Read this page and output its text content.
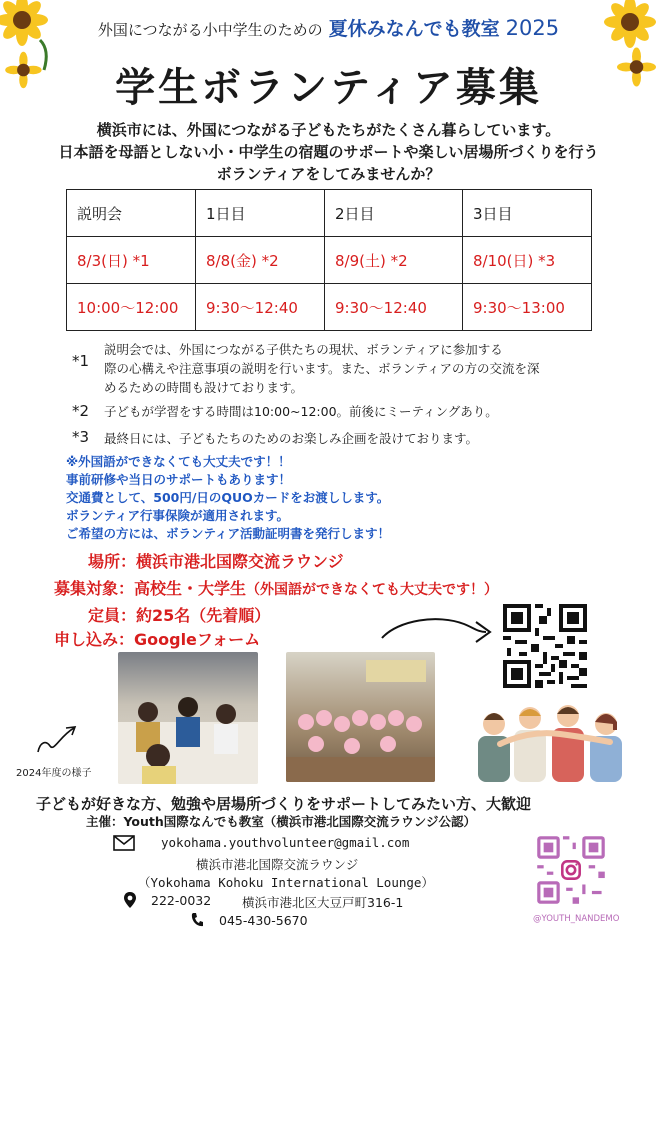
外国につながる小中学生のための 夏休みなんでも教室 2025
学生ボランティア募集
横浜市には、外国につながる子どもたちがたくさん暮らしています。
日本語を母語としない小・中学生の宿題のサポートや楽しい居場所づくりを行う
ボランティアをしてみませんか？
説明会	1日目	2日目	3日目
8/3(日) *1	8/8(金) *2	8/9(土) *2	8/10(日) *3
10:00～12:00	9:30～12:40	9:30～12:40	9:30～13:00
*1
説明会では、外国につながる子供たちの現状、ボランティアに参加する
際の心構えや注意事項の説明を行います。また、ボランティアの方の交流を深
めるための時間も設けております。
*2 子どもが学習をする時間は10:00~12:00。前後にミーティングあり。
*3 最終日には、子どもたちのためのお楽しみ企画を設けております。
※外国語ができなくても大丈夫です！！
事前研修や当日のサポートもあります！
交通費として、500円/日のQUOカードをお渡しします。
ボランティア行事保険が適用されます。
ご希望の方には、ボランティア活動証明書を発行します！
場所：横浜市港北国際交流ラウンジ
募集対象：高校生・大学生（外国語ができなくても大丈夫です！）
定員：約25名（先着順）
申し込み：Googleフォーム
2024年度の様子
子どもが好きな方、勉強や居場所づくりをサポートしてみたい方、大歓迎
主催：Youth国際なんでも教室（横浜市港北国際交流ラウンジ公認）
yokohama.youthvolunteer@gmail.com
横浜市港北国際交流ラウンジ
（Yokohama Kohoku International Lounge）
222-0032 横浜市港北区大豆戸町316-1
045-430-5670	@YOUTH_NANDEMO
